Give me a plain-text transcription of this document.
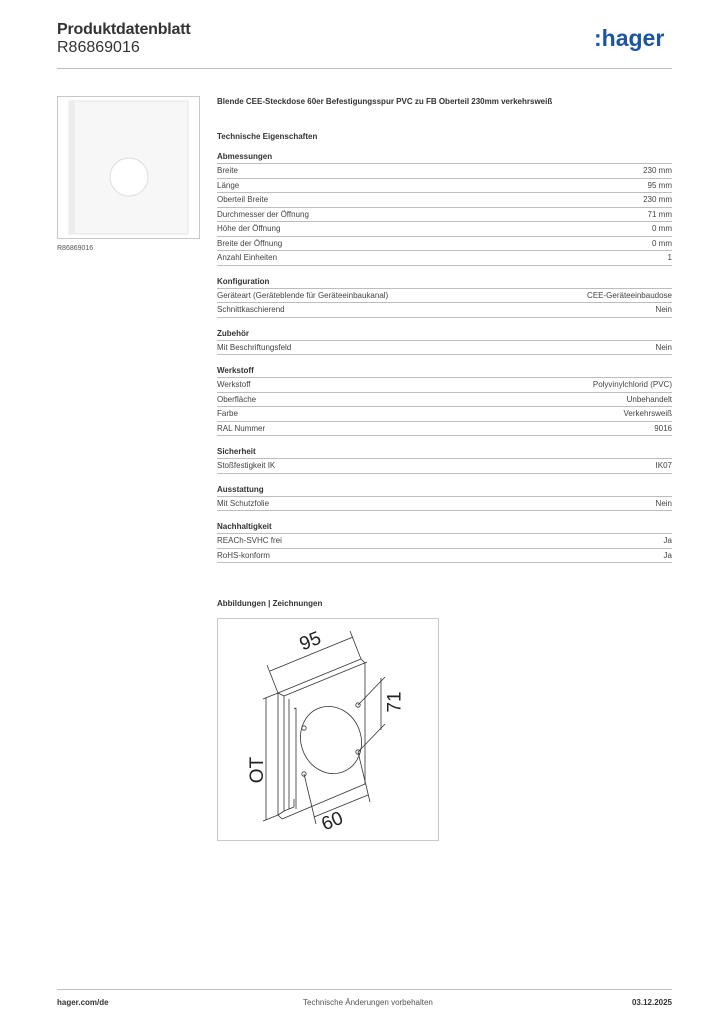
Produktdatenblatt
R86869016	:hager
R86869016
Blende CEE-Steckdose 60er Befestigungsspur PVC zu FB Oberteil 230mm verkehrsweiß
Technische Eigenschaften
Abmessungen
Breite	230 mm
Länge	95 mm
Oberteil Breite	230 mm
Durchmesser der Öffnung	71 mm
Höhe der Öffnung	0 mm
Breite der Öffnung	0 mm
Anzahl Einheiten	1
Konfiguration
Geräteart (Geräteblende für Geräteeinbaukanal)	CEE-Geräteeinbaudose
Schnittkaschierend	Nein
Zubehör
Mit Beschriftungsfeld	Nein
Werkstoff
Werkstoff	Polyvinylchlorid (PVC)
Oberfläche	Unbehandelt
Farbe	Verkehrsweiß
RAL Nummer	9016
Sicherheit
Stoßfestigkeit IK	IK07
Ausstattung
Mit Schutzfolie	Nein
Nachhaltigkeit
REACh-SVHC frei	Ja
RoHS-konform	Ja
Abbildungen | Zeichnungen
95
71
OT
60
hager.com/de	Technische Änderungen vorbehalten	03.12.2025
